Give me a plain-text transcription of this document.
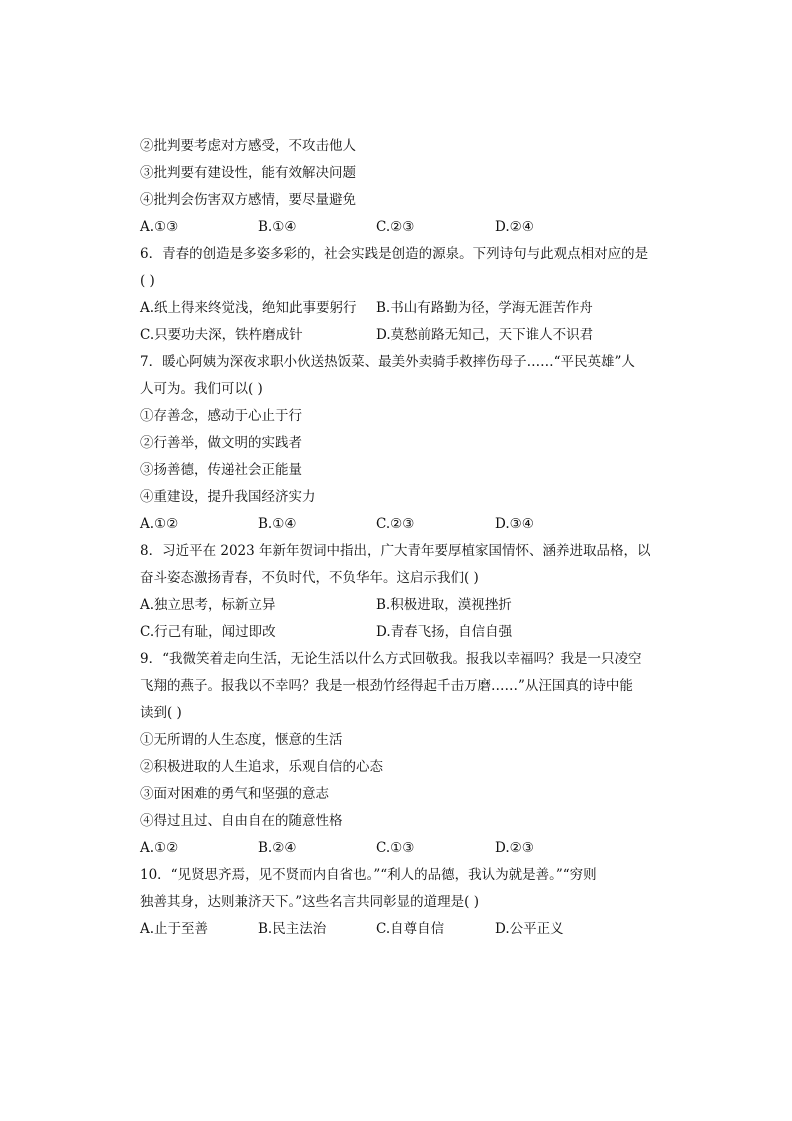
②批判要考虑对方感受，不攻击他人
③批判要有建设性，能有效解决问题
④批判会伤害双方感情，要尽量避免
A.①③	B.①④	C.②③	D.②④
6．青春的创造是多姿多彩的，社会实践是创造的源泉。下列诗句与此观点相对应的是
( )
A.纸上得来终觉浅，绝知此事要躬行 B.书山有路勤为径，学海无涯苦作舟
C.只要功夫深，铁杵磨成针	D.莫愁前路无知己，天下谁人不识君
7．暖心阿姨为深夜求职小伙送热饭菜、最美外卖骑手救摔伤母子……“平民英雄”人
人可为。我们可以( )
①存善念，感动于心止于行
②行善举，做文明的实践者
③扬善德，传递社会正能量
④重建设，提升我国经济实力
A.①②	B.①④	C.②③	D.③④
8．习近平在 2023 年新年贺词中指出，广大青年要厚植家国情怀、涵养进取品格，以
奋斗姿态激扬青春，不负时代，不负华年。这启示我们( )
A.独立思考，标新立异	B.积极进取，漠视挫折
C.行己有耻，闻过即改	D.青春飞扬，自信自强
9．“我微笑着走向生活，无论生活以什么方式回敬我。报我以幸福吗？我是一只凌空
飞翔的燕子。报我以不幸吗？我是一根劲竹经得起千击万磨……”从汪国真的诗中能
读到( )
①无所谓的人生态度，惬意的生活
②积极进取的人生追求，乐观自信的心态
③面对困难的勇气和坚强的意志
④得过且过、自由自在的随意性格
A.①②	B.②④	C.①③	D.②③
10．“见贤思齐焉，见不贤而内自省也。”“利人的品德，我认为就是善。”“穷则
独善其身，达则兼济天下。”这些名言共同彰显的道理是( )
A.止于至善	B.民主法治	C.自尊自信	D.公平正义
